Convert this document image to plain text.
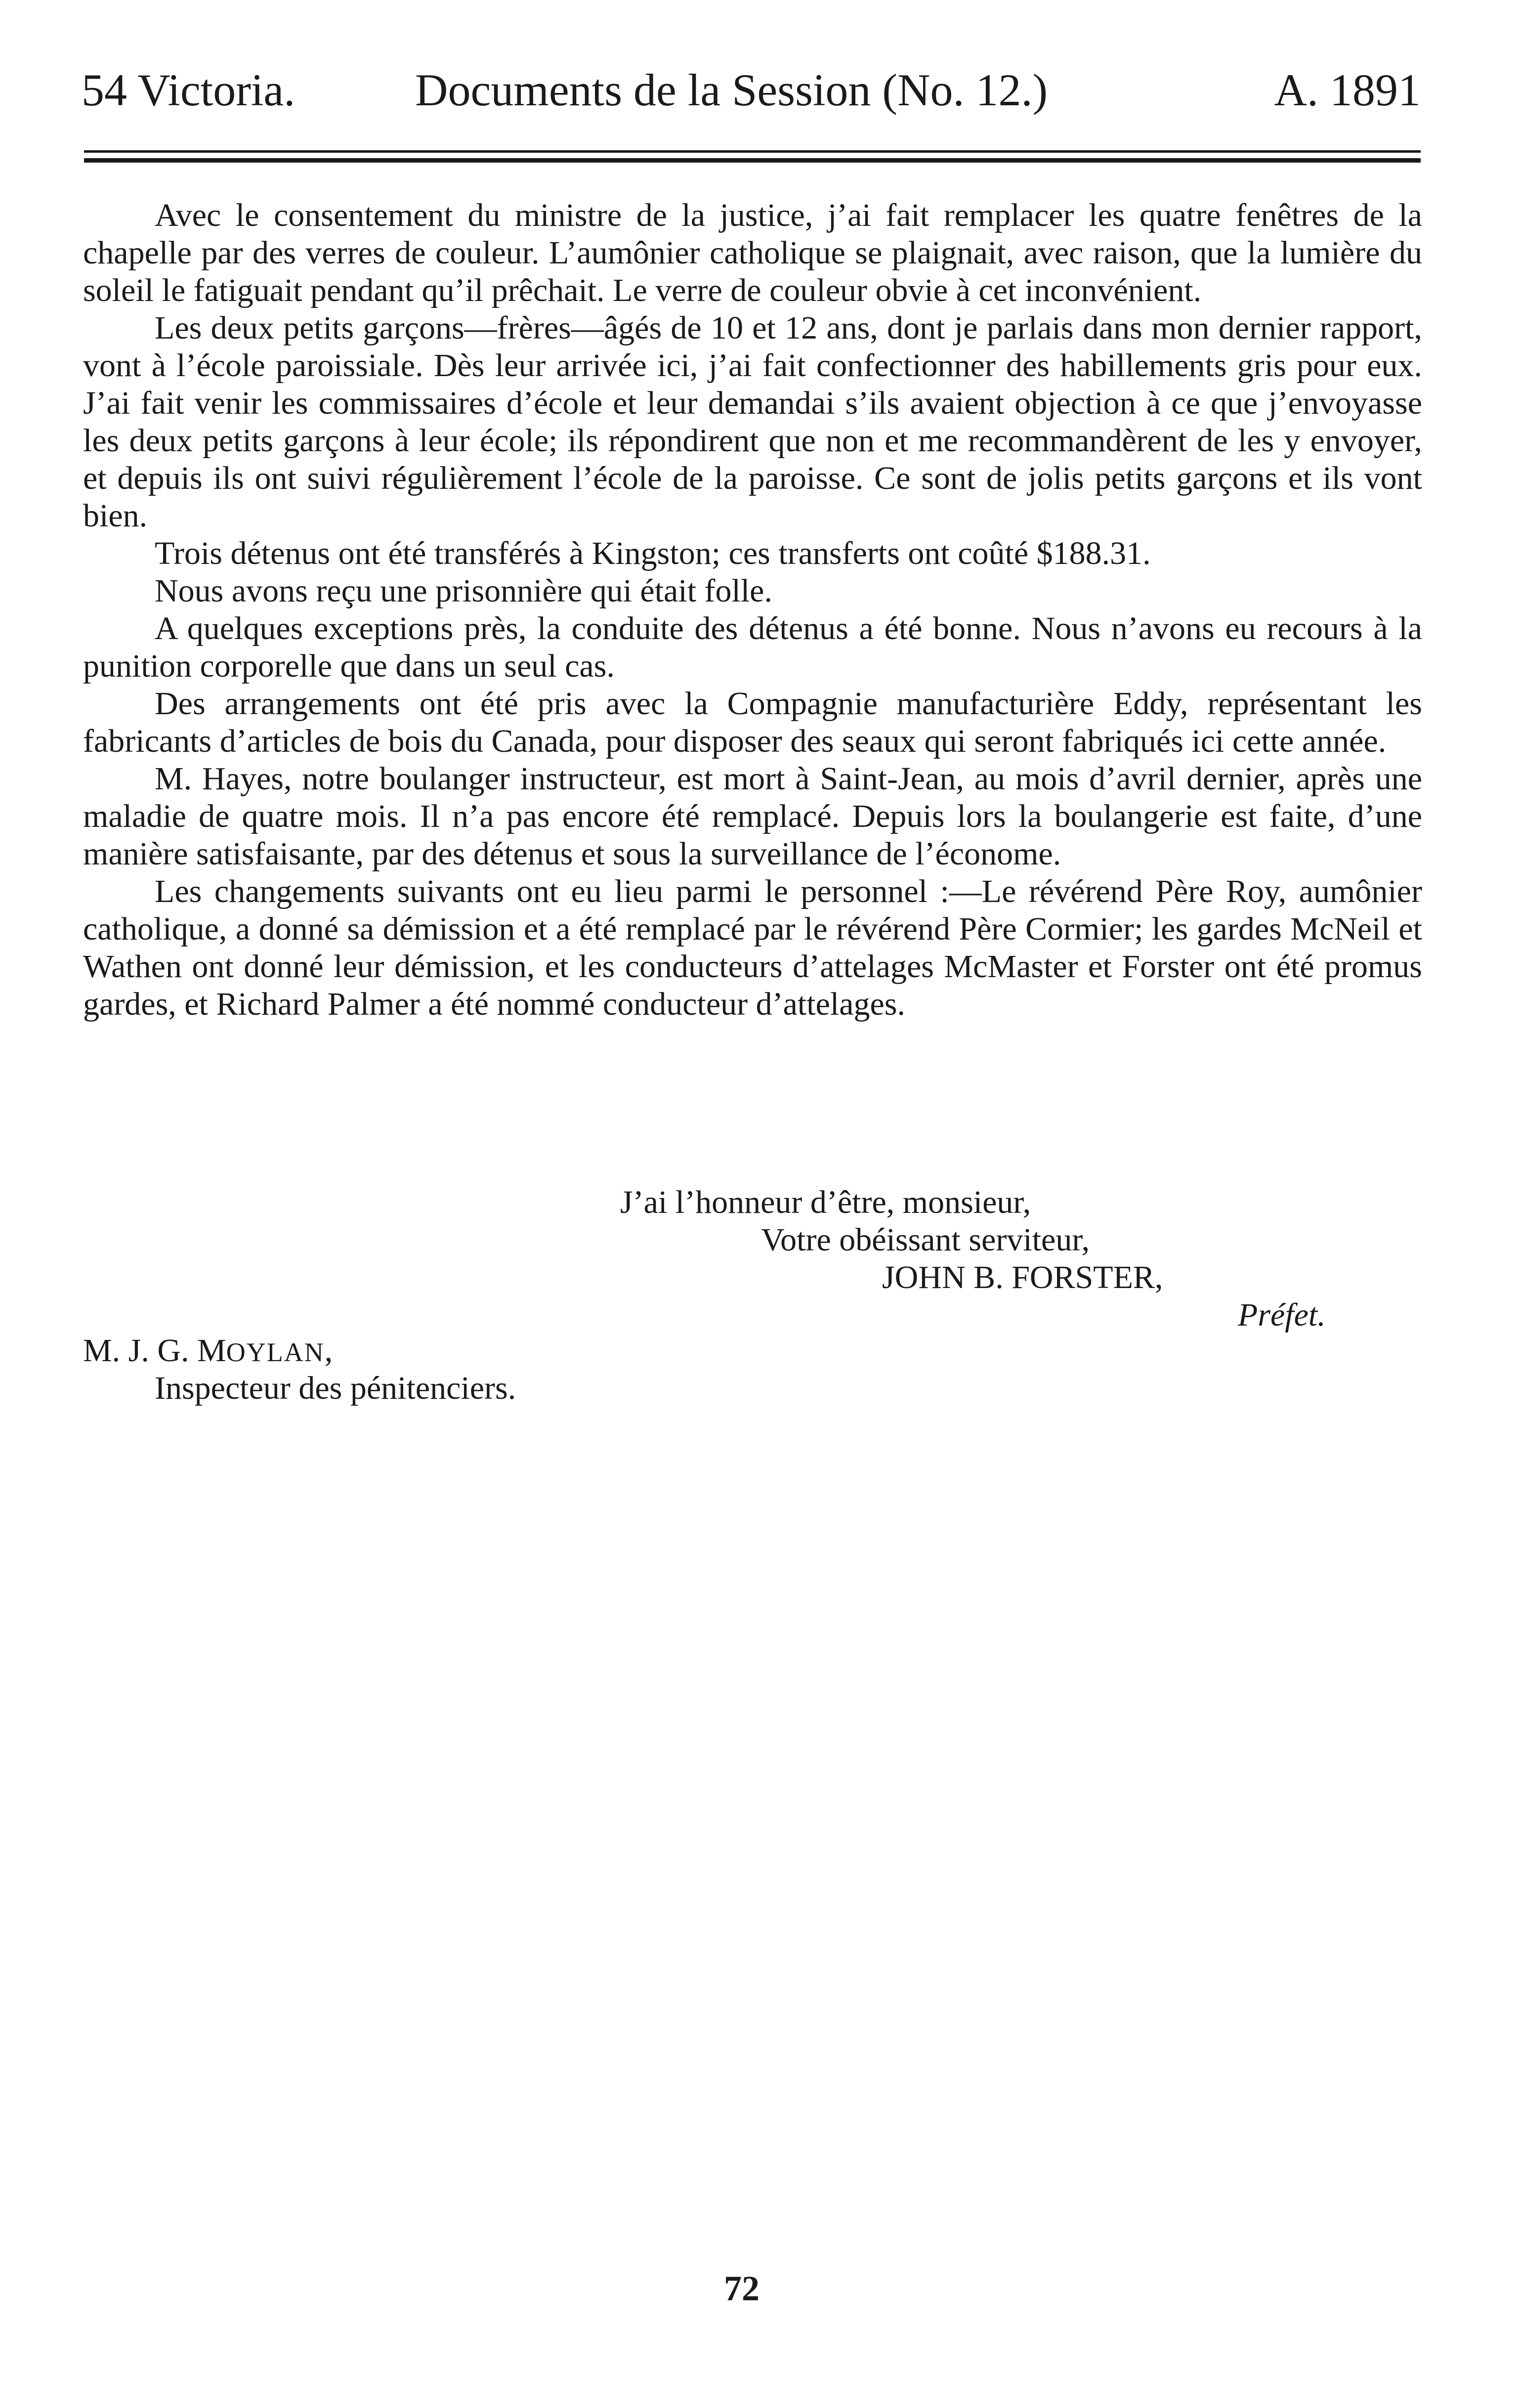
54 Victoria.	Documents de la Session (No. 12.)	A. 1891

Avec le consentement du ministre de la justice, j’ai fait remplacer les quatre fenêtres de la chapelle par des verres de couleur. L’aumônier catholique se plaignait, avec raison, que la lumière du soleil le fatiguait pendant qu’il prêchait. Le verre de couleur obvie à cet inconvénient.

Les deux petits garçons—frères—âgés de 10 et 12 ans, dont je parlais dans mon dernier rapport, vont à l’école paroissiale. Dès leur arrivée ici, j’ai fait confectionner des habillements gris pour eux. J’ai fait venir les commissaires d’école et leur demandai s’ils avaient objection à ce que j’envoyasse les deux petits garçons à leur école; ils répondirent que non et me recommandèrent de les y envoyer, et depuis ils ont suivi régulièrement l’école de la paroisse. Ce sont de jolis petits garçons et ils vont bien.

Trois détenus ont été transférés à Kingston; ces transferts ont coûté $188.31.

Nous avons reçu une prisonnière qui était folle.

A quelques exceptions près, la conduite des détenus a été bonne. Nous n’avons eu recours à la punition corporelle que dans un seul cas.

Des arrangements ont été pris avec la Compagnie manufacturière Eddy, représentant les fabricants d’articles de bois du Canada, pour disposer des seaux qui seront fabriqués ici cette année.

M. Hayes, notre boulanger instructeur, est mort à Saint-Jean, au mois d’avril dernier, après une maladie de quatre mois. Il n’a pas encore été remplacé. Depuis lors la boulangerie est faite, d’une manière satisfaisante, par des détenus et sous la surveillance de l’économe.

Les changements suivants ont eu lieu parmi le personnel :—Le révérend Père Roy, aumônier catholique, a donné sa démission et a été remplacé par le révérend Père Cormier; les gardes McNeil et Wathen ont donné leur démission, et les conducteurs d’attelages McMaster et Forster ont été promus gardes, et Richard Palmer a été nommé conducteur d’attelages.

J’ai l’honneur d’être, monsieur,
Votre obéissant serviteur,
JOHN B. FORSTER,
Préfet.
M. J. G. MOYLAN,
Inspecteur des pénitenciers.
72
